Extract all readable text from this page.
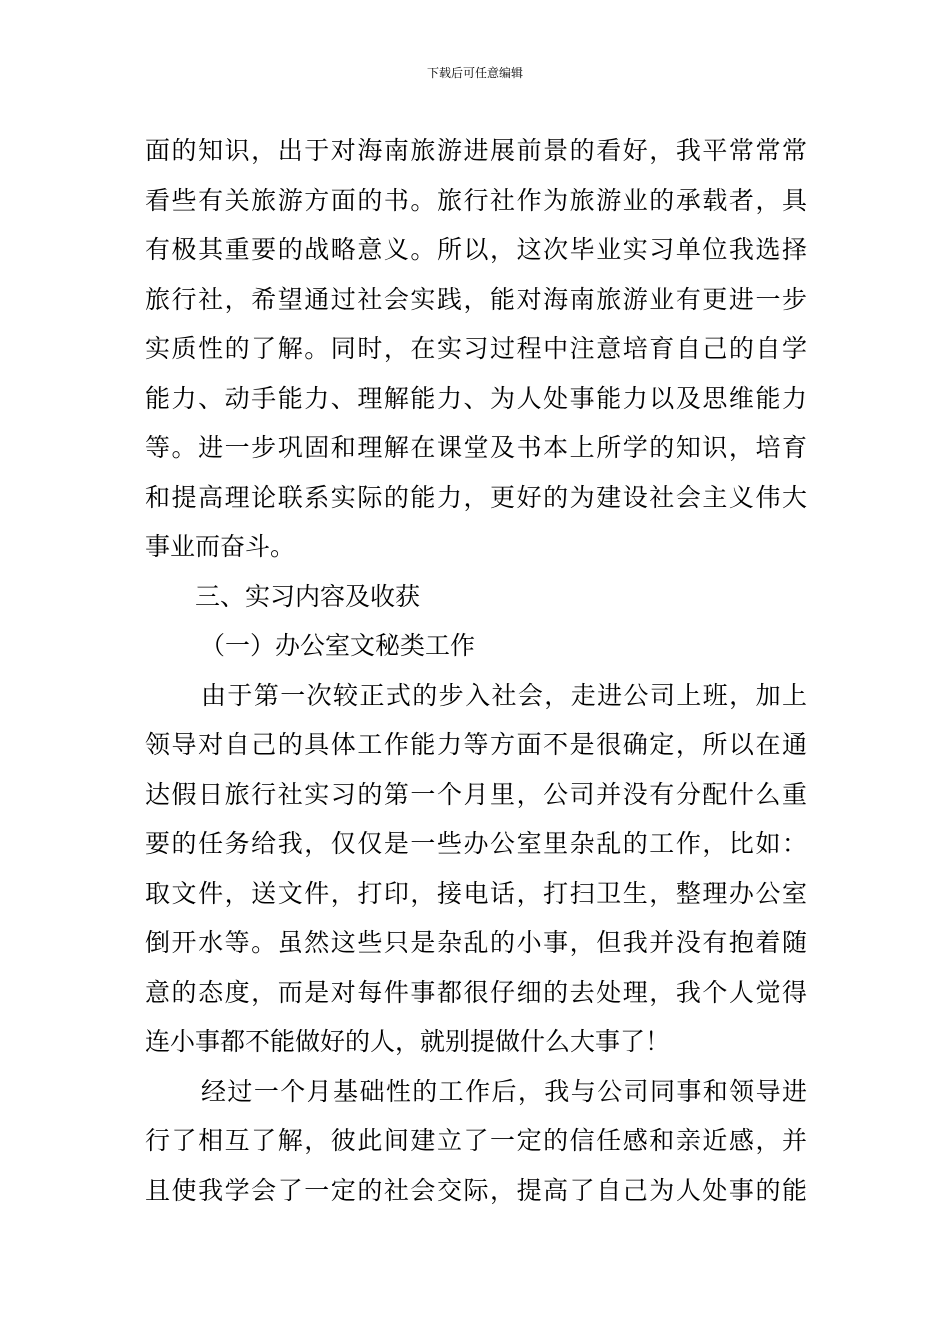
下载后可任意编辑
面的知识，出于对海南旅游进展前景的看好，我平常常常
看些有关旅游方面的书。旅行社作为旅游业的承载者，具
有极其重要的战略意义。所以，这次毕业实习单位我选择
旅行社，希望通过社会实践，能对海南旅游业有更进一步
实质性的了解。同时，在实习过程中注意培育自己的自学
能力、动手能力、理解能力、为人处事能力以及思维能力
等。进一步巩固和理解在课堂及书本上所学的知识，培育
和提高理论联系实际的能力，更好的为建设社会主义伟大
事业而奋斗。
三、实习内容及收获
（一）办公室文秘类工作
由于第一次较正式的步入社会，走进公司上班，加上
领导对自己的具体工作能力等方面不是很确定，所以在通
达假日旅行社实习的第一个月里，公司并没有分配什么重
要的任务给我，仅仅是一些办公室里杂乱的工作，比如：
取文件，送文件，打印，接电话，打扫卫生，整理办公室
倒开水等。虽然这些只是杂乱的小事，但我并没有抱着随
意的态度，而是对每件事都很仔细的去处理，我个人觉得
连小事都不能做好的人，就别提做什么大事了！
经过一个月基础性的工作后，我与公司同事和领导进
行了相互了解，彼此间建立了一定的信任感和亲近感，并
且使我学会了一定的社会交际，提高了自己为人处事的能
